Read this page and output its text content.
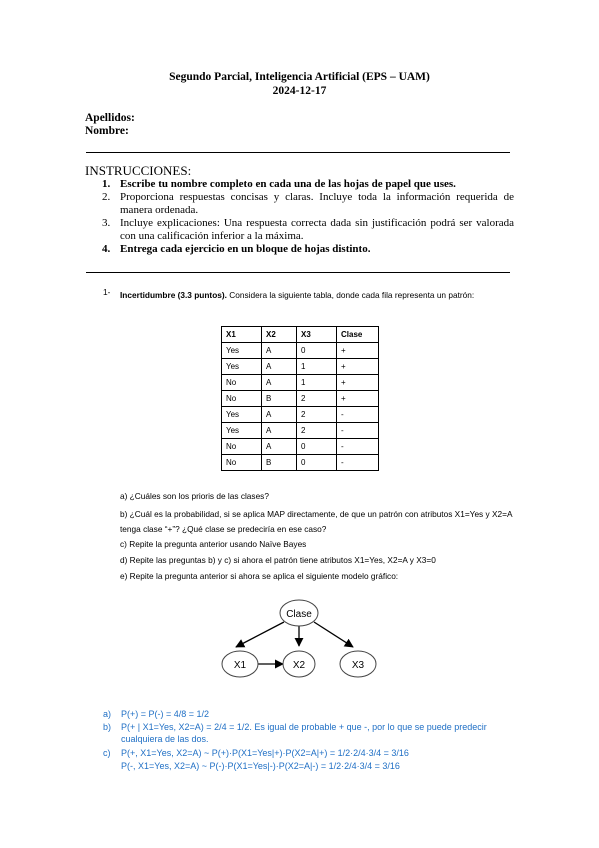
Segundo Parcial, Inteligencia Artificial (EPS – UAM)
2024-12-17
Apellidos:
Nombre:
INSTRUCCIONES:
1. Escribe tu nombre completo en cada una de las hojas de papel que uses.
2. Proporciona respuestas concisas y claras. Incluye toda la información requerida de manera ordenada.
3. Incluye explicaciones: Una respuesta correcta dada sin justificación podrá ser valorada con una calificación inferior a la máxima.
4. Entrega cada ejercicio en un bloque de hojas distinto.
1- Incertidumbre (3.3 puntos). Considera la siguiente tabla, donde cada fila representa un patrón:
X1	X2	X3	Clase
Yes	A	0	+
Yes	A	1	+
No	A	1	+
No	B	2	+
Yes	A	2	-
Yes	A	2	-
No	A	0	-
No	B	0	-
a) ¿Cuáles son los prioris de las clases?
b) ¿Cuál es la probabilidad, si se aplica MAP directamente, de que un patrón con atributos X1=Yes y X2=A tenga clase “+”? ¿Qué clase se predeciría en ese caso?
c) Repite la pregunta anterior usando Naïve Bayes
d) Repite las preguntas b) y c) si ahora el patrón tiene atributos X1=Yes, X2=A y X3=0
e) Repite la pregunta anterior si ahora se aplica el siguiente modelo gráfico:
Clase
X1	X2	X3
a) P(+) = P(-) = 4/8 = 1/2
b) P(+ | X1=Yes, X2=A) = 2/4 = 1/2. Es igual de probable + que -, por lo que se puede predecir cualquiera de las dos.
c) P(+, X1=Yes, X2=A) ~ P(+)·P(X1=Yes|+)·P(X2=A|+) = 1/2·2/4·3/4 = 3/16
P(-, X1=Yes, X2=A) ~ P(-)·P(X1=Yes|-)·P(X2=A|-) = 1/2·2/4·3/4 = 3/16
